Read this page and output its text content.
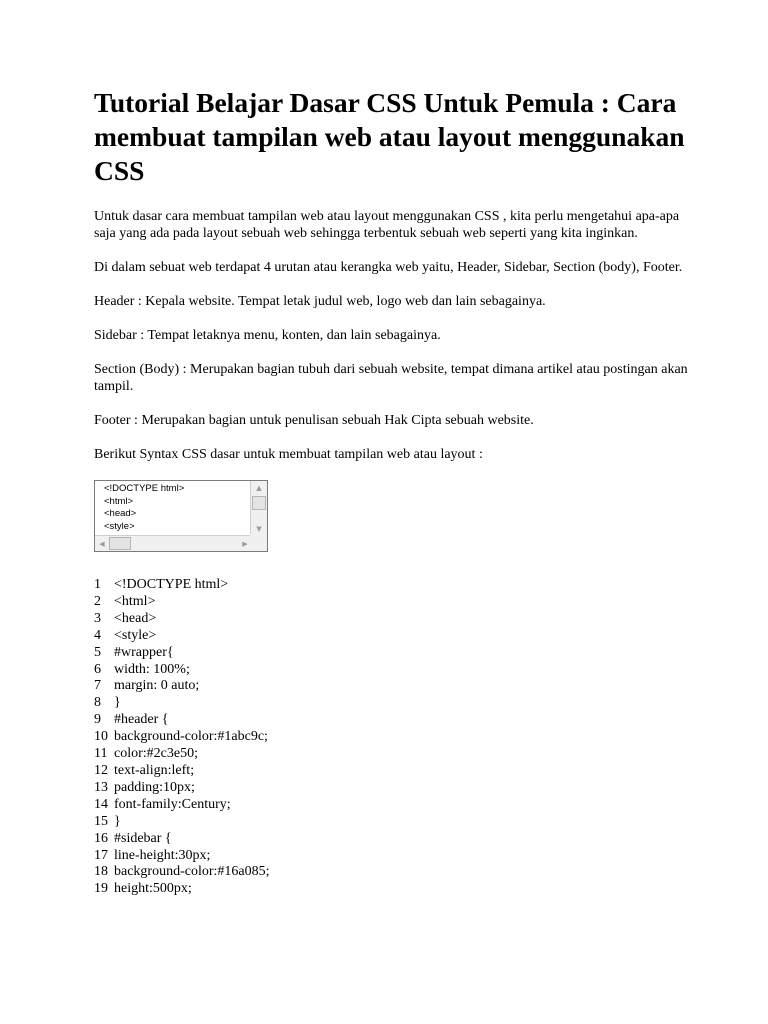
Tutorial Belajar Dasar CSS Untuk Pemula : Cara membuat tampilan web atau layout menggunakan CSS

Untuk dasar cara membuat tampilan web atau layout menggunakan CSS , kita perlu mengetahui apa-apa saja yang ada pada layout sebuah web sehingga terbentuk sebuah web seperti yang kita inginkan.

Di dalam sebuat web terdapat 4 urutan atau kerangka web yaitu, Header, Sidebar, Section (body), Footer.

Header : Kepala website. Tempat letak judul web, logo web dan lain sebagainya.

Sidebar : Tempat letaknya menu, konten, dan lain sebagainya.

Section (Body) : Merupakan bagian tubuh dari sebuah website, tempat dimana artikel atau postingan akan tampil.

Footer : Merupakan bagian untuk penulisan sebuah Hak Cipta sebuah website.

Berikut Syntax CSS dasar untuk membuat tampilan web atau layout :

<!DOCTYPE html>
<html>
<head>
<style>
▲
▼
◀	▶
1 <!DOCTYPE html>
2 <html>
3 <head>
4 <style>
5 #wrapper{
6 width: 100%;
7 margin: 0 auto;
8 }
9 #header {
10 background-color:#1abc9c;
11 color:#2c3e50;
12 text-align:left;
13 padding:10px;
14 font-family:Century;
15 }
16 #sidebar {
17 line-height:30px;
18 background-color:#16a085;
19 height:500px;
